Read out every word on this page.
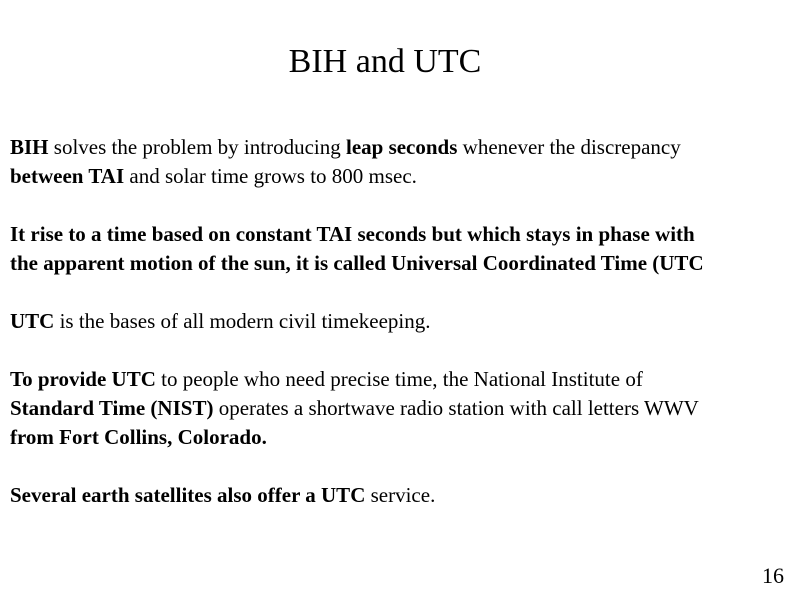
BIH and UTC

BIH solves the problem by introducing leap seconds whenever the discrepancy
between TAI and solar time grows to 800 msec.

It rise to a time based on constant TAI seconds but which stays in phase with
the apparent motion of the sun, it is called Universal Coordinated Time (UTC

UTC is the bases of all modern civil timekeeping.

To provide UTC to people who need precise time, the National Institute of
Standard Time (NIST) operates a shortwave radio station with call letters WWV
from Fort Collins, Colorado.

Several earth satellites also offer a UTC service.

16
